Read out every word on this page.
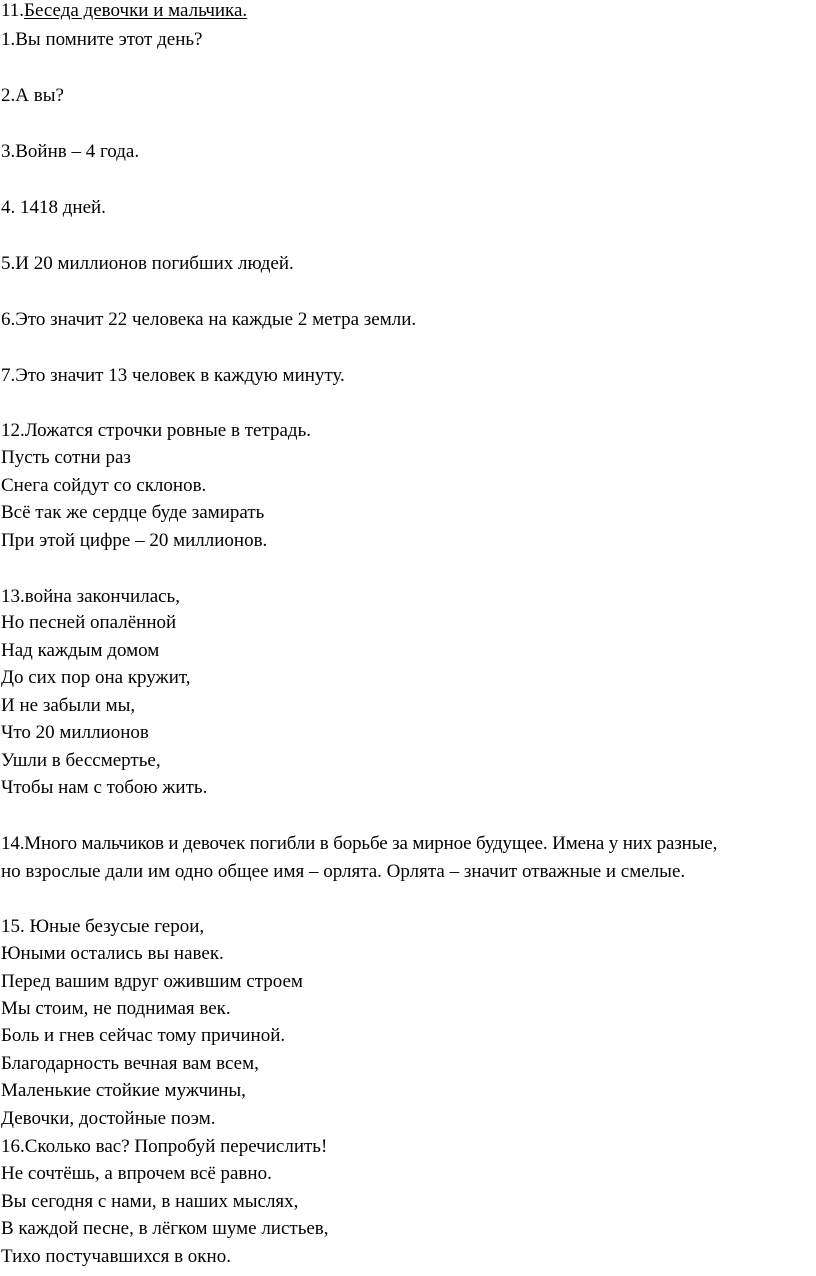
11.Беседа девочки и мальчика.
1.Вы помните этот день?
2.А вы?
3.Войнв – 4 года.
4. 1418 дней.
5.И 20 миллионов погибших людей.
6.Это значит 22 человека на каждые 2 метра земли.
7.Это значит 13 человек в каждую минуту.
12.Ложатся строчки ровные в тетрадь.
Пусть сотни раз
Снега сойдут со склонов.
Всё так же сердце буде замирать
При этой цифре – 20 миллионов.
13.война закончилась,
Но песней опалённой
Над каждым домом
До сих пор она кружит,
И не забыли мы,
Что 20 миллионов
Ушли в бессмертье,
Чтобы нам с тобою жить.
14.Много мальчиков и девочек погибли в борьбе за мирное будущее. Имена у них разные,
но взрослые дали им одно общее имя – орлята. Орлята – значит отважные и смелые.
15. Юные безусые герои,
Юными остались вы навек.
Перед вашим вдруг ожившим строем
Мы стоим, не поднимая век.
Боль и гнев сейчас тому причиной.
Благодарность вечная вам всем,
Маленькие стойкие мужчины,
Девочки, достойные поэм.
16.Сколько вас? Попробуй перечислить!
Не сочтёшь, а впрочем всё равно.
Вы сегодня с нами, в наших мыслях,
В каждой песне, в лёгком шуме листьев,
Тихо постучавшихся в окно.
